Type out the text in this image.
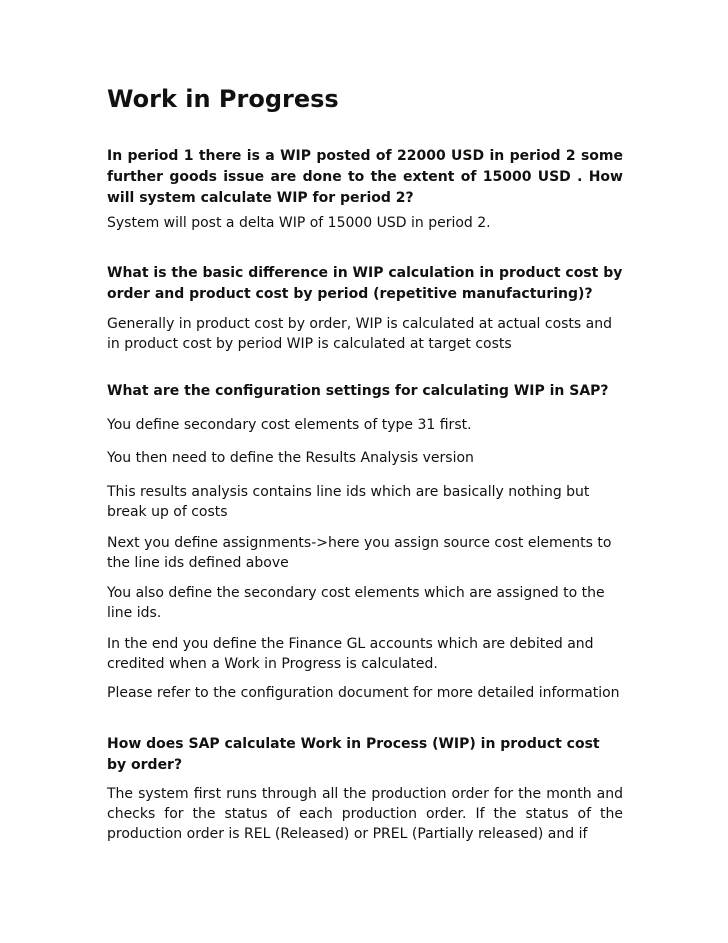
Work in Progress
In period 1 there is a WIP posted of 22000 USD in period 2 some further goods issue are done to the extent of 15000 USD . How will system calculate WIP for period 2?
System will post a delta WIP of 15000 USD in period 2.
What is the basic difference in WIP calculation in product cost by order and product cost by period (repetitive manufacturing)?
Generally in product cost by order, WIP is calculated at actual costs and in product cost by period WIP is calculated at target costs
What are the configuration settings for calculating WIP in SAP?
You define secondary cost elements of type 31 first.
You then need to define the Results Analysis version
This results analysis contains line ids which are basically nothing but break up of costs
Next you define assignments->here you assign source cost elements to the line ids defined above
You also define the secondary cost elements which are assigned to the line ids.
In the end you define the Finance GL accounts which are debited and credited when a Work in Progress is calculated.
Please refer to the configuration document for more detailed information
How does SAP calculate Work in Process (WIP) in product cost by order?
The system first runs through all the production order for the month and checks for the status of each production order. If the status of the production order is REL (Released) or PREL (Partially released) and if
